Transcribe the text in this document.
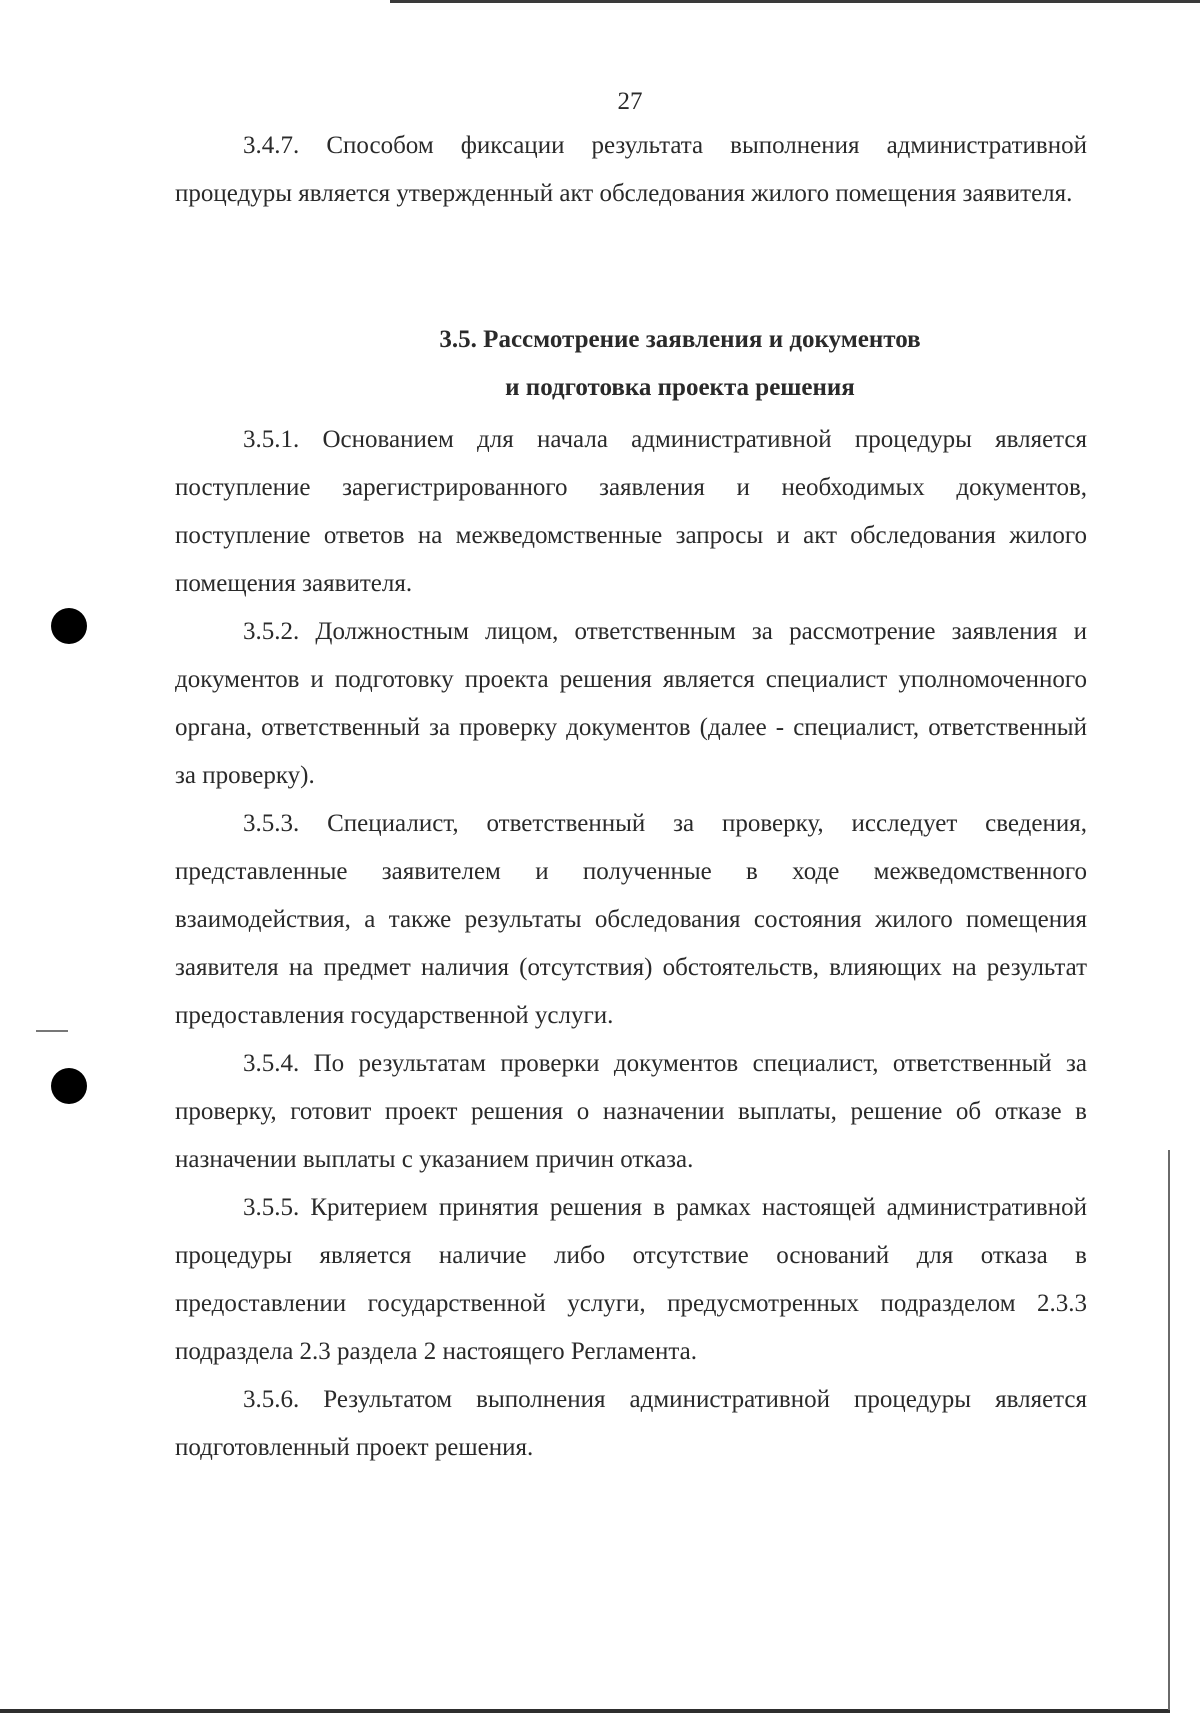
27

3.4.7. Способом фиксации результата выполнения административной процедуры является утвержденный акт обследования жилого помещения заявителя.

3.5. Рассмотрение заявления и документов
и подготовка проекта решения

3.5.1. Основанием для начала административной процедуры является поступление зарегистрированного заявления и необходимых документов, поступление ответов на межведомственные запросы и акт обследования жилого помещения заявителя.

3.5.2. Должностным лицом, ответственным за рассмотрение заявления и документов и подготовку проекта решения является специалист уполномоченного органа, ответственный за проверку документов (далее - специалист, ответственный за проверку).

3.5.3. Специалист, ответственный за проверку, исследует сведения, представленные заявителем и полученные в ходе межведомственного взаимодействия, а также результаты обследования состояния жилого помещения заявителя на предмет наличия (отсутствия) обстоятельств, влияющих на результат предоставления государственной услуги.

3.5.4. По результатам проверки документов специалист, ответственный за проверку, готовит проект решения о назначении выплаты, решение об отказе в назначении выплаты с указанием причин отказа.

3.5.5. Критерием принятия решения в рамках настоящей административной процедуры является наличие либо отсутствие оснований для отказа в предоставлении государственной услуги, предусмотренных подразделом 2.3.3 подраздела 2.3 раздела 2 настоящего Регламента.

3.5.6. Результатом выполнения административной процедуры является подготовленный проект решения.
